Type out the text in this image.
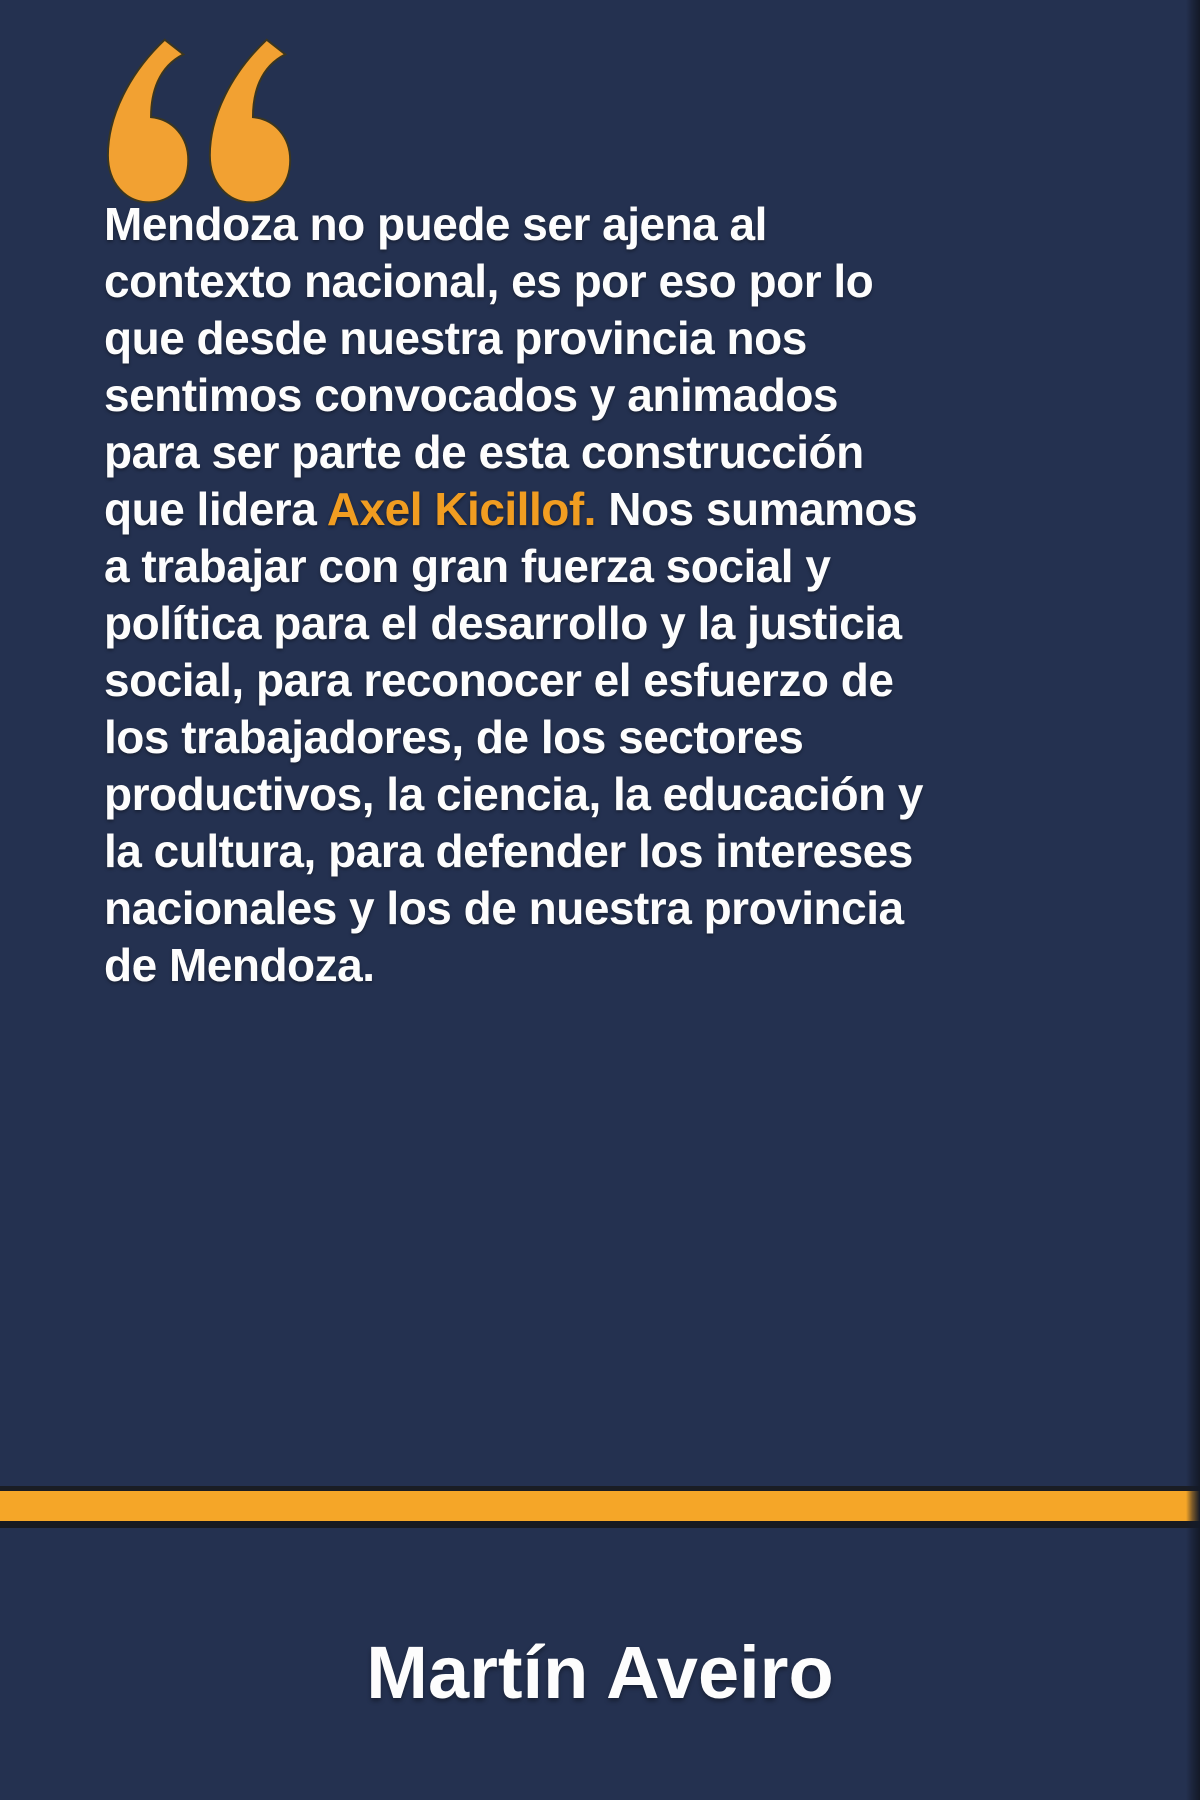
Mendoza no puede ser ajena al contexto nacional, es por eso por lo que desde nuestra provincia nos sentimos convocados y animados para ser parte de esta construcción que lidera Axel Kicillof. Nos sumamos a trabajar con gran fuerza social y política para el desarrollo y la justicia social, para reconocer el esfuerzo de los trabajadores, de los sectores productivos, la ciencia, la educación y la cultura, para defender los intereses nacionales y los de nuestra provincia de Mendoza.

Martín Aveiro
